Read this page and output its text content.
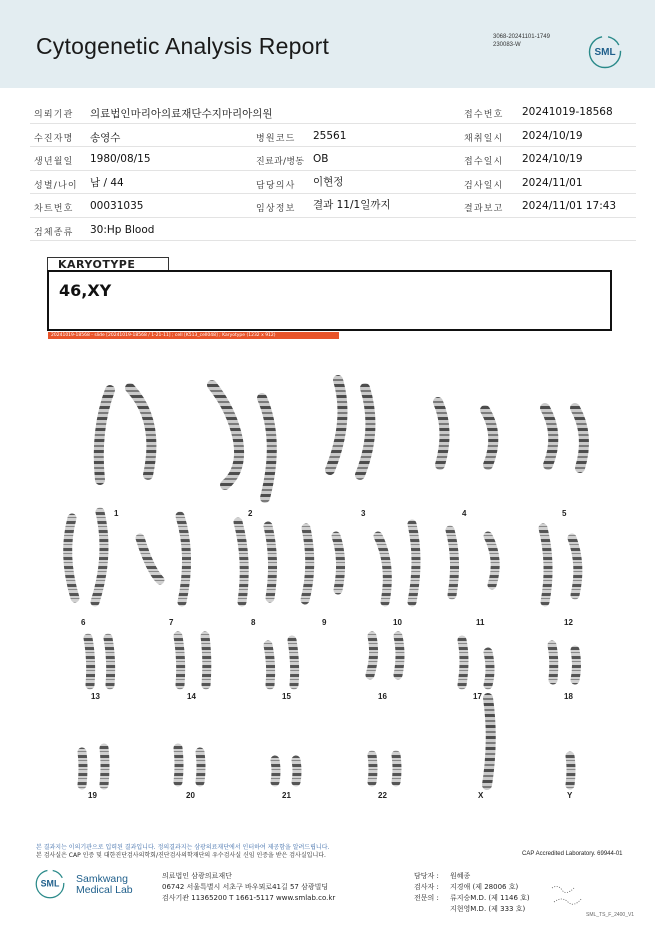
Cytogenetic Analysis Report	3068-20241101-1749
230083-W
SML
의뢰기관 의료법인마리아의료재단수지마리아의원	접수번호 20241019-18568
수진자명 송영수	병원코드 25561	채취일시 2024/10/19
생년월일 1980/08/15	진료과/병동 OB	접수일시 2024/10/19
성별/나이 남 / 44	담당의사 이현정	검사일시 2024/11/01
차트번호 00031035	임상정보 결과 11/1일까지	결과보고 2024/11/01 17:43
검체종류 30:Hp Blood
KARYOTYPE
46,XY
20241019-18568 - slide [20241019-18568 / 1-21-11] ; cell [K513_cell048] ; Karyotype (1232 x 912)
1	2	3	4	5
6	7	8	9	10	11	12
13	14	15	16	17	18
19	20	21	22	X	Y
본 결과지는 이의기관으로 입력된 결과입니다. 정의결과지는 삼광의료재단에서 인터하여 제공함을 알려드립니다.
본 검사실은 CAP 인증 및 대한진단검사의학회/진단검사의학재단의 우수검사실 신임 인증을 받은 검사실입니다.	CAP Accredited Laboratory. 69944-01
SML Samkwang
Medical Lab
의료법인 삼광의료재단
06742 서울특별시 서초구 바우뫼로41길 57 삼광빌딩
검사기관 11365200 T 1661-5117 www.smlab.co.kr
담당자 : 원혜종
검사자 : 지경애 (제 28006 호)
전문의 : 류지승M.D. (제 1146 호)
지현영M.D. (제 333 호)
SML_TS_F_2400_V1
